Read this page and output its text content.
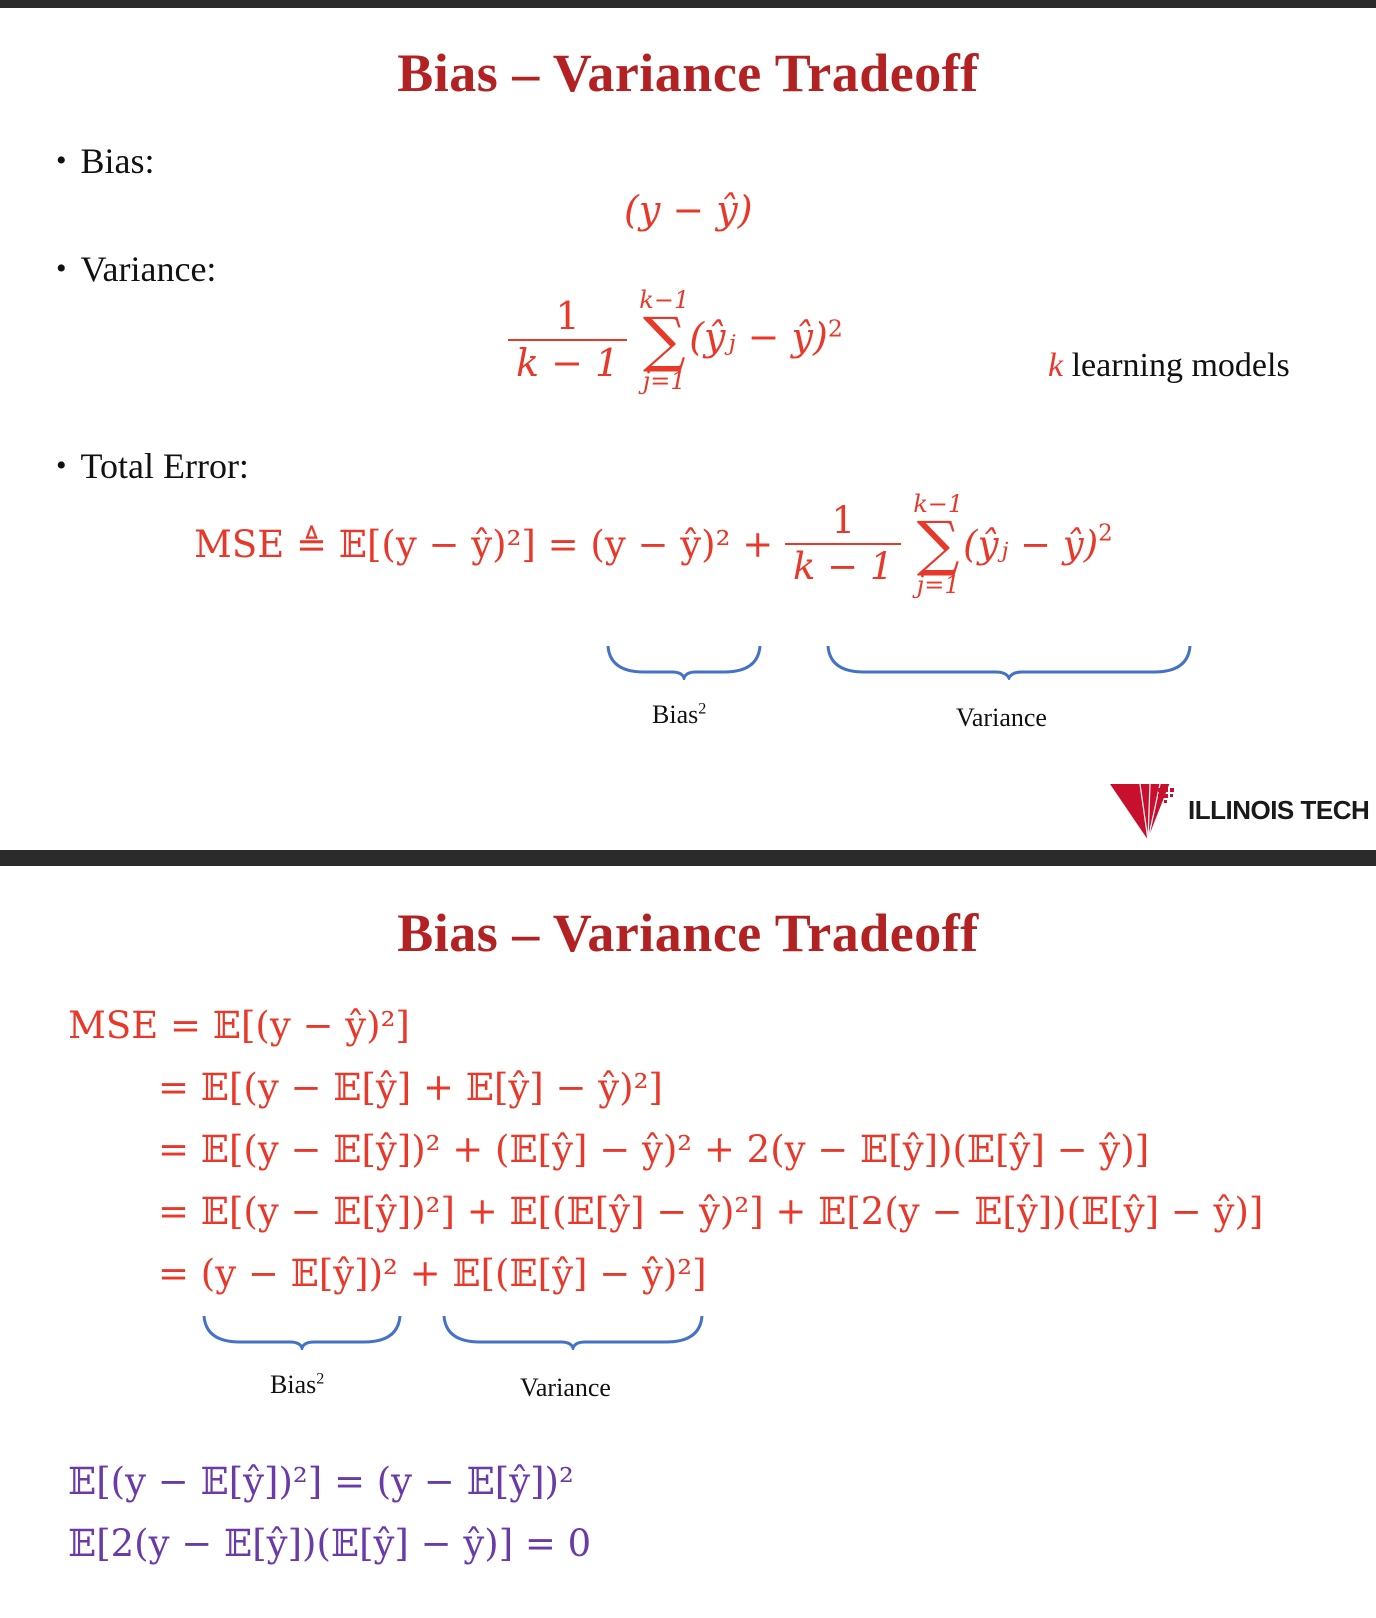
Bias – Variance Tradeoff
• Bias:
(y − ŷ)
• Variance:
$\frac{1}{k - 1}$
k−1
∑
j=1
(ŷⱼ − ŷ)$^2$
k learning models
• Total Error:
MSE ≜ 𝔼[(y − ŷ)²] = (y − ŷ)² + $\frac{1}{k - 1}$
k−1
∑
j=1
(ŷⱼ − ŷ)$^2$
Bias$^2$	Variance
ILLINOIS TECH
Bias – Variance Tradeoff
MSE = 𝔼[(y − ŷ)²]
= 𝔼[(y − 𝔼[ŷ] + 𝔼[ŷ] − ŷ)²]
= 𝔼[(y − 𝔼[ŷ])² + (𝔼[ŷ] − ŷ)² + 2(y − 𝔼[ŷ])(𝔼[ŷ] − ŷ)]
= 𝔼[(y − 𝔼[ŷ])²] + 𝔼[(𝔼[ŷ] − ŷ)²] + 𝔼[2(y − 𝔼[ŷ])(𝔼[ŷ] − ŷ)]
= (y − 𝔼[ŷ])² + 𝔼[(𝔼[ŷ] − ŷ)²]
Bias$^2$	Variance
𝔼[(y − 𝔼[ŷ])²] = (y − 𝔼[ŷ])²
𝔼[2(y − 𝔼[ŷ])(𝔼[ŷ] − ŷ)] = 0
